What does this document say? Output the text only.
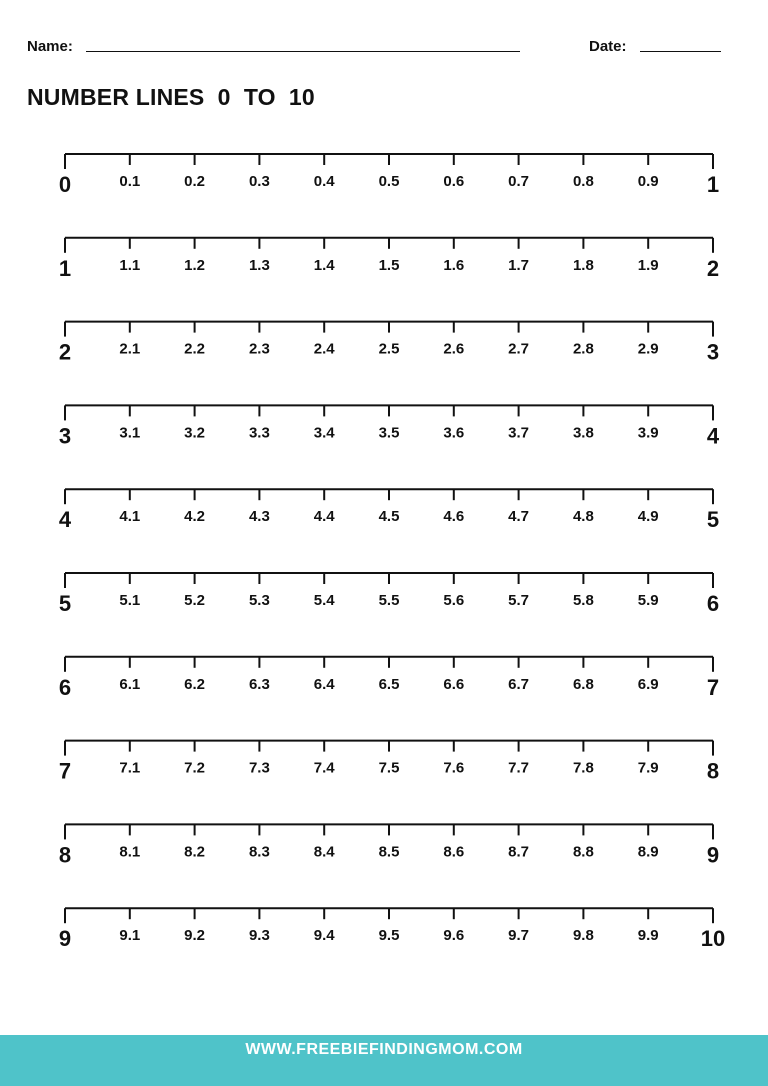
Name:	Date:
NUMBER LINES  0  TO  10
0	1
0.1	0.2	0.3	0.4	0.5	0.6	0.7	0.8	0.9
1	2
1.1	1.2	1.3	1.4	1.5	1.6	1.7	1.8	1.9
2	3
2.1	2.2	2.3	2.4	2.5	2.6	2.7	2.8	2.9
3	4
3.1	3.2	3.3	3.4	3.5	3.6	3.7	3.8	3.9
4	5
4.1	4.2	4.3	4.4	4.5	4.6	4.7	4.8	4.9
5	6
5.1	5.2	5.3	5.4	5.5	5.6	5.7	5.8	5.9
6	7
6.1	6.2	6.3	6.4	6.5	6.6	6.7	6.8	6.9
7	8
7.1	7.2	7.3	7.4	7.5	7.6	7.7	7.8	7.9
8	9
8.1	8.2	8.3	8.4	8.5	8.6	8.7	8.8	8.9
9	10
9.1	9.2	9.3	9.4	9.5	9.6	9.7	9.8	9.9
WWW.FREEBIEFINDINGMOM.COM
